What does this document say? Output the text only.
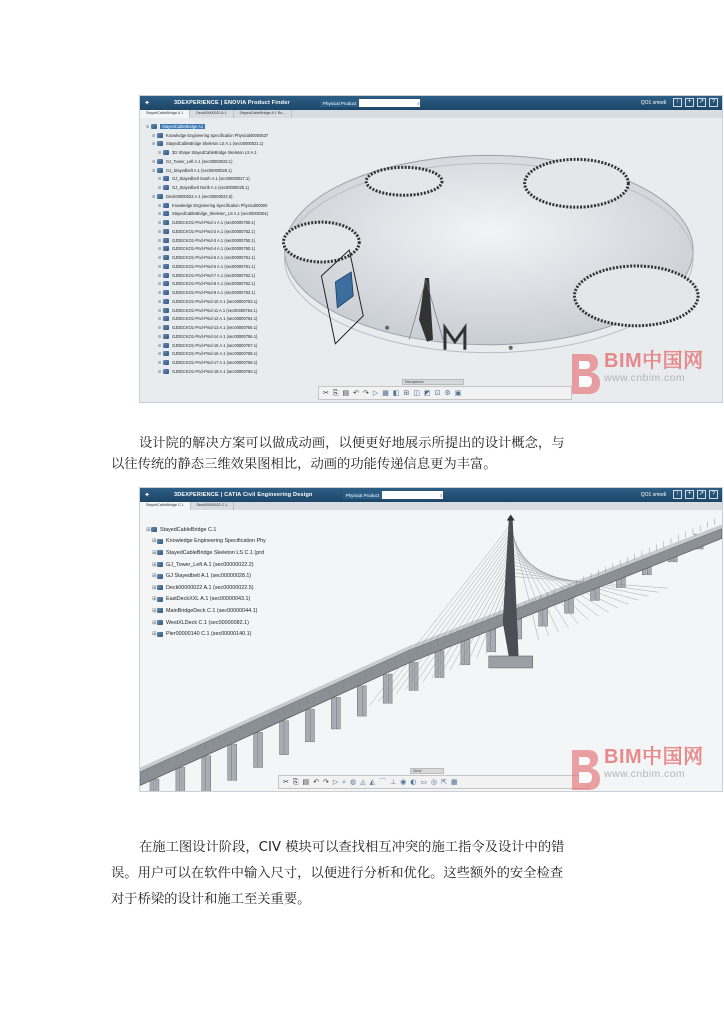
✦	3DEXPERIENCE | ENOVIA Product Finder	Physical Product	⌕	QO1 xmedi	↑	+	↗	?
StayedCableBridge A.1	Deck00000022 A.1	StayedCableBridge A.1 Ro...
⊞	StayedCableBridge A1
⊞	Knowledge Engineering Specification Physical00000537
⊞	StayedCableBridge Skeleton LS A.1 (sec00000021.1)
⊞	3D Shape StayedCableBridge Skeleton LS A.1
⊞	GJ_Tower_Left A.1 (sec00000022.1)
⊞	GJ_Stayedbelt A.1 (sec00000028.1)
⊞	GJ_Stayedbelt South A.1 (sec00000027.1)
⊞	GJ_Stayedbelt North A.1 (sec00000025.1)
⊞	Deck00000022 A.1 (sec00000022.5)
⊞	Knowledge Engineering Specification Physical00000
⊞	StayedCableBridge_Skeleton_LS A.1 (sec00000361)
⊞	GJDECKO1-Pnd-Pmd-1 A.1 (sec00000750.1)
⊞	GJDECKO1-Pnd-Pmd-2 A.1 (sec00000752.1)
⊞	GJDECKO1-Pnd-Pmd-3 A.1 (sec00000750.1)
⊞	GJDECKO1-Pnd-Pmd-4 A.1 (sec00000750.1)
⊞	GJDECKO1-Pnd-Pmd-5 A.1 (sec00000751.1)
⊞	GJDECKO1-Pnd-Pmd-6 A.1 (sec00000751.1)
⊞	GJDECKO1-Pnd-Pmd-7 A.1 (sec00000752.1)
⊞	GJDECKO1-Pnd-Pmd-8 A.1 (sec00000752.1)
⊞	GJDECKO1-Pnd-Pmd-9 A.1 (sec00000753.1)
⊞	GJDECKO1-Pnd-Pmd-10 A.1 (sec00000753.1)
⊞	GJDECKO1-Pnd-Pmd-11 A.1 (sec00000754.1)
⊞	GJDECKO1-Pnd-Pmd-12 A.1 (sec00000754.1)
⊞	GJDECKO1-Pnd-Pmd-13 A.1 (sec00000755.1)
⊞	GJDECKO1-Pnd-Pmd-14 A.1 (sec00000756.1)
⊞	GJDECKO1-Pnd-Pmd-15 A.1 (sec00000757.1)
⊞	GJDECKO1-Pnd-Pmd-16 A.1 (sec00000758.1)
⊞	GJDECKO1-Pnd-Pmd-17 A.1 (sec00000759.1)
⊞	GJDECKO1-Pnd-Pmd-18 A.1 (sec00000760.1)
Navigation
✂ ⎘ ▤ ↶ ↷ ▷ ▦ ◧ ⊞ ◫ ◩ ⊡ ⚙ ▣
BIM中国网
www.cnbim.com
设计院的解决方案可以做成动画，以便更好地展示所提出的设计概念，与
以往传统的静态三维效果图相比，动画的功能传递信息更为丰富。
✦	3DEXPERIENCE | CATIA Civil Engineering Design	Physical Product	⌕	QO1 xmedi	↑	+	↗	?
StayedCableBridge C.1	Deck00000022 C.1
⊞ StayedCableBridge C.1
⊞ Knowledge Engineering Specification Phy
⊞ StayedCableBridge Skeleton LS C.1 (prd
⊞ GJ_Tower_Left A.1 (sec00000022.2)
⊞ GJ Stayedbelt A.1 (sec00000028.1)
⊞ Deck00000022 A.1 (sec00000022.5)
⊞ EastDeckXXL A.1 (sec00000043.1)
⊞ MainBridgeDeck C.1 (sec00000044.1)
⊞ WestXLDeck C.1 (sec00000082.1)
⊞ Pier00000140 C.1 (sec00000140.1)
View
✂ ⎘ ▤ ↶ ↷ ▷ ⌕ ◍ ◬ ◭ ⌒ ⊥ ◉ ◐ ▭ ◎ ⇱ ▦
BIM中国网
www.cnbim.com
在施工图设计阶段，CIV 模块可以查找相互冲突的施工指令及设计中的错
误。用户可以在软件中输入尺寸，以便进行分析和优化。这些额外的安全检查
对于桥梁的设计和施工至关重要。
